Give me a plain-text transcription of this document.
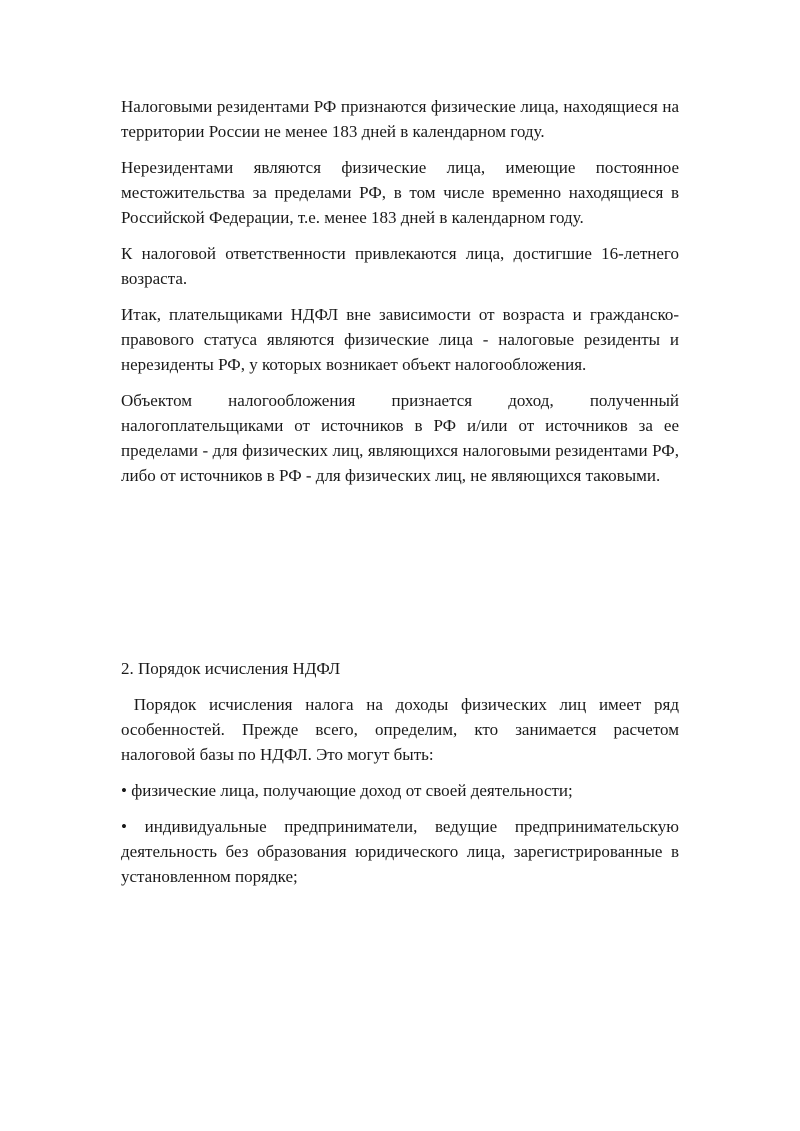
Налоговыми резидентами РФ признаются физические лица, находящиеся на территории России не менее 183 дней в календарном году.

Нерезидентами являются физические лица, имеющие постоянное местожительства за пределами РФ, в том числе временно находящиеся в Российской Федерации, т.е. менее 183 дней в календарном году.

К налоговой ответственности привлекаются лица, достигшие 16-летнего возраста.

Итак, плательщиками НДФЛ вне зависимости от возраста и гражданско-правового статуса являются физические лица - налоговые резиденты и нерезиденты РФ, у которых возникает объект налогообложения.

Объектом налогообложения признается доход, полученный налогоплательщиками от источников в РФ и/или от источников за ее пределами - для физических лиц, являющихся налоговыми резидентами РФ, либо от источников в РФ - для физических лиц, не являющихся таковыми.

2. Порядок исчисления НДФЛ

Порядок исчисления налога на доходы физических лиц имеет ряд особенностей. Прежде всего, определим, кто занимается расчетом налоговой базы по НДФЛ. Это могут быть:

• физические лица, получающие доход от своей деятельности;

• индивидуальные предприниматели, ведущие предпринимательскую деятельность без образования юридического лица, зарегистрированные в установленном порядке;
